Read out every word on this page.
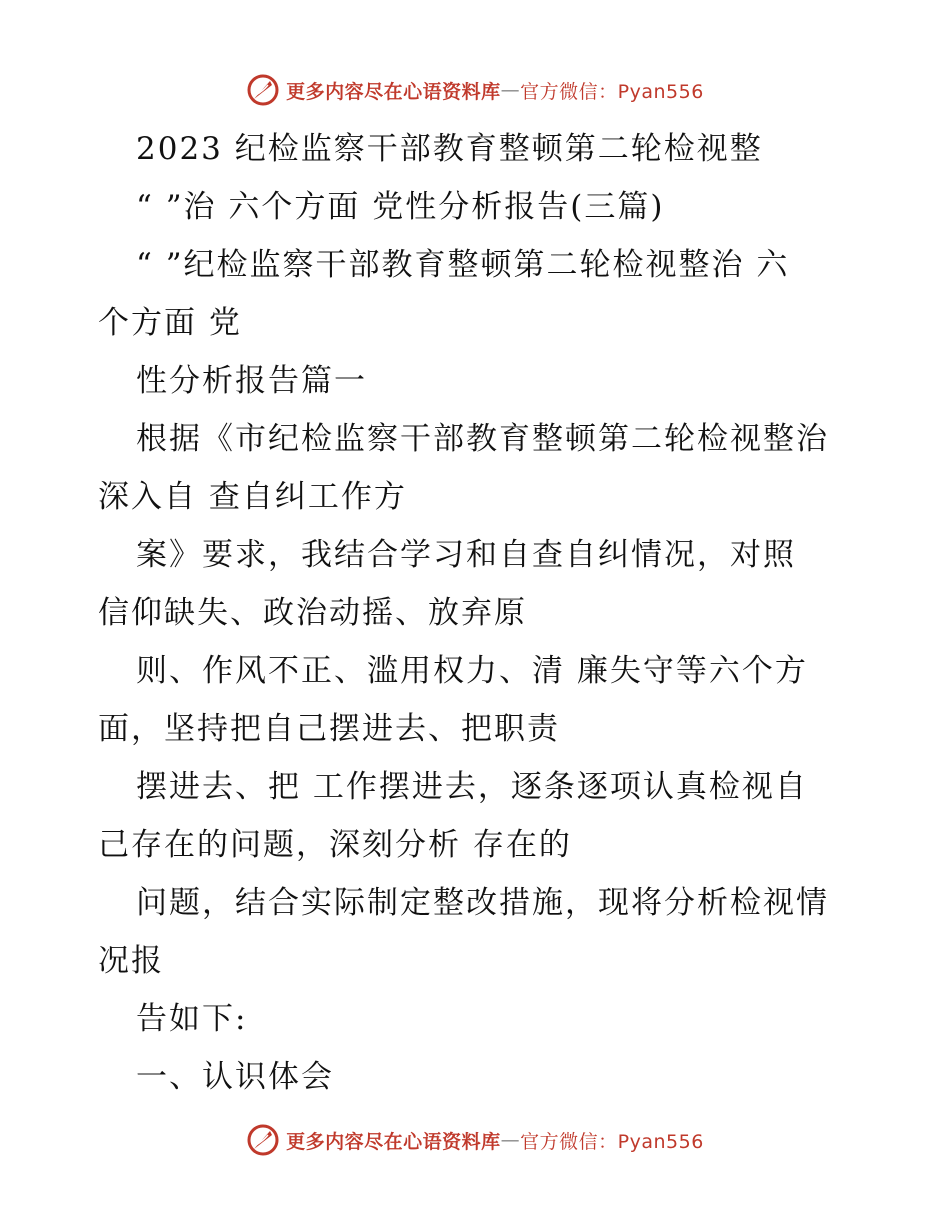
更多内容尽在心语资料库 — 官方微信：Pyan556
2023 纪检监察干部教育整顿第二轮检视整
“ ”治 六个方面 党性分析报告(三篇)
“ ”纪检监察干部教育整顿第二轮检视整治 六
个方面 党
性分析报告篇一
根据《市纪检监察干部教育整顿第二轮检视整治
深入自 查自纠工作方
案》要求，我结合学习和自查自纠情况，对照
信仰缺失、政治动摇、放弃原
则、作风不正、滥用权力、清 廉失守等六个方
面，坚持把自己摆进去、把职责
摆进去、把 工作摆进去，逐条逐项认真检视自
己存在的问题，深刻分析 存在的
问题，结合实际制定整改措施，现将分析检视情
况报
告如下:
一、认识体会
更多内容尽在心语资料库 — 官方微信：Pyan556
